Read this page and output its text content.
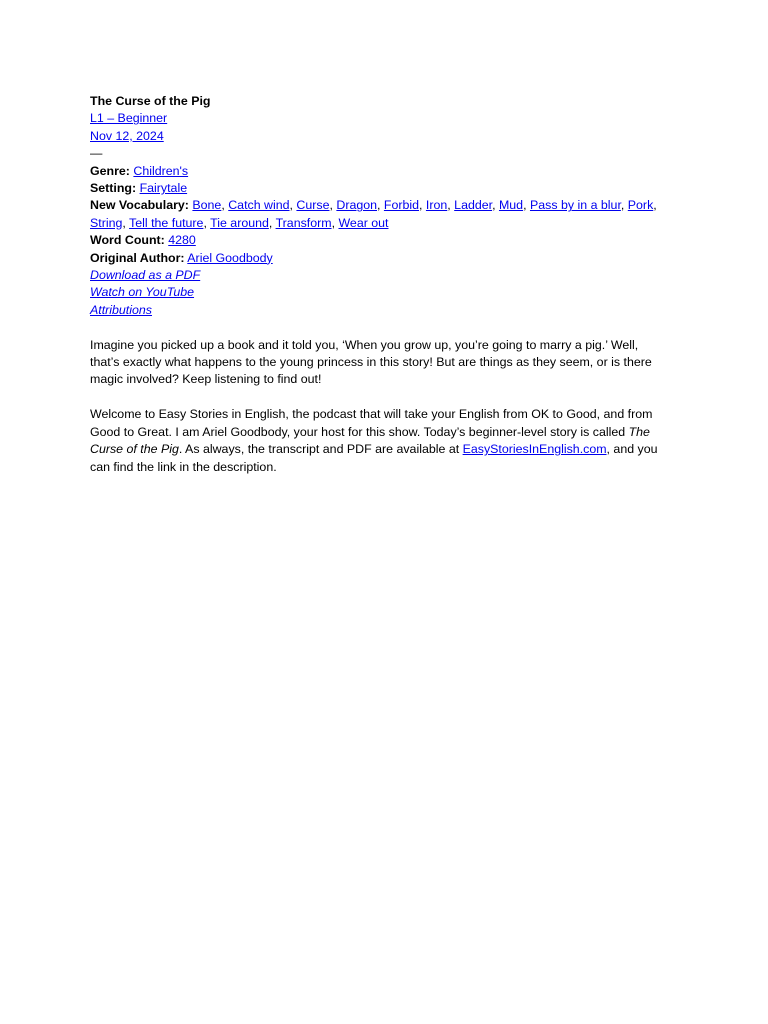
The Curse of the Pig
L1 – Beginner
Nov 12, 2024
—
Genre: Children's
Setting: Fairytale
New Vocabulary: Bone, Catch wind, Curse, Dragon, Forbid, Iron, Ladder, Mud, Pass by in a blur, Pork, String, Tell the future, Tie around, Transform, Wear out
Word Count: 4280
Original Author: Ariel Goodbody
Download as a PDF
Watch on YouTube
Attributions

Imagine you picked up a book and it told you, ‘When you grow up, you’re going to marry a pig.’ Well, that’s exactly what happens to the young princess in this story! But are things as they seem, or is there magic involved? Keep listening to find out!

Welcome to Easy Stories in English, the podcast that will take your English from OK to Good, and from Good to Great. I am Ariel Goodbody, your host for this show. Today’s beginner-level story is called The Curse of the Pig. As always, the transcript and PDF are available at EasyStoriesInEnglish.com, and you can find the link in the description.
